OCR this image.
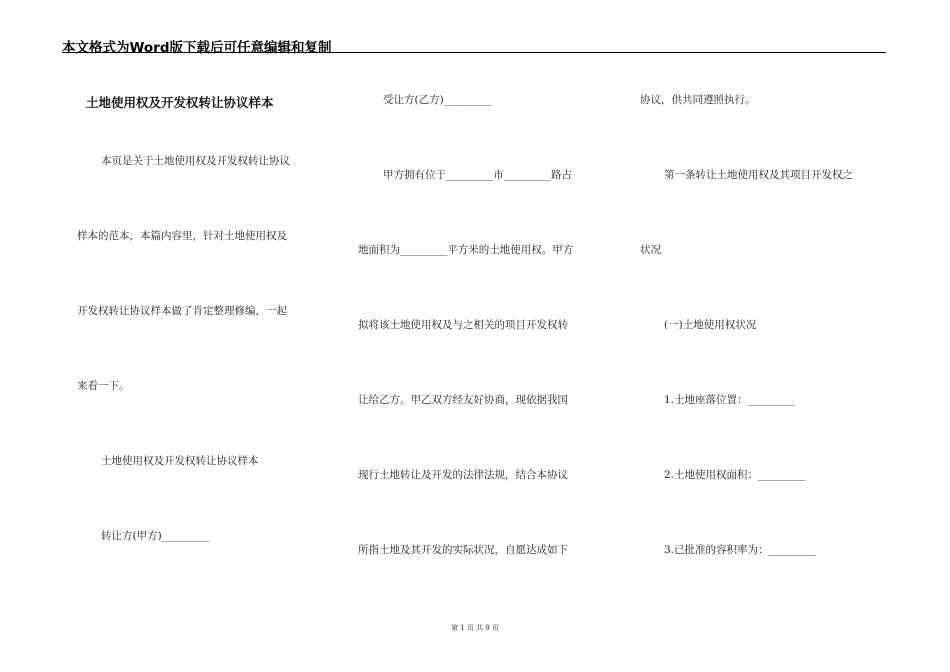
本文格式为Word版下载后可任意编辑和复制
土地使用权及开发权转让协议样本
本页是关于土地使用权及开发权转让协议
样本的范本，本篇内容里，针对土地使用权及
开发权转让协议样本做了肯定整理修编，一起
来看一下。
土地使用权及开发权转让协议样本
转让方(甲方)_________
受让方(乙方)_________
甲方拥有位于_________市_________路占
地面积为_________平方米的土地使用权。甲方
拟将该土地使用权及与之相关的项目开发权转
让给乙方。甲乙双方经友好协商，现依据我国
现行土地转让及开发的法律法规，结合本协议
所指土地及其开发的实际状况，自愿达成如下
协议，供共同遵照执行。
第一条转让土地使用权及其项目开发权之
状况
(一)土地使用权状况
1.土地座落位置：_________
2.土地使用权面积：_________
3.已批准的容积率为：_________
第 1 页 共 9 页
